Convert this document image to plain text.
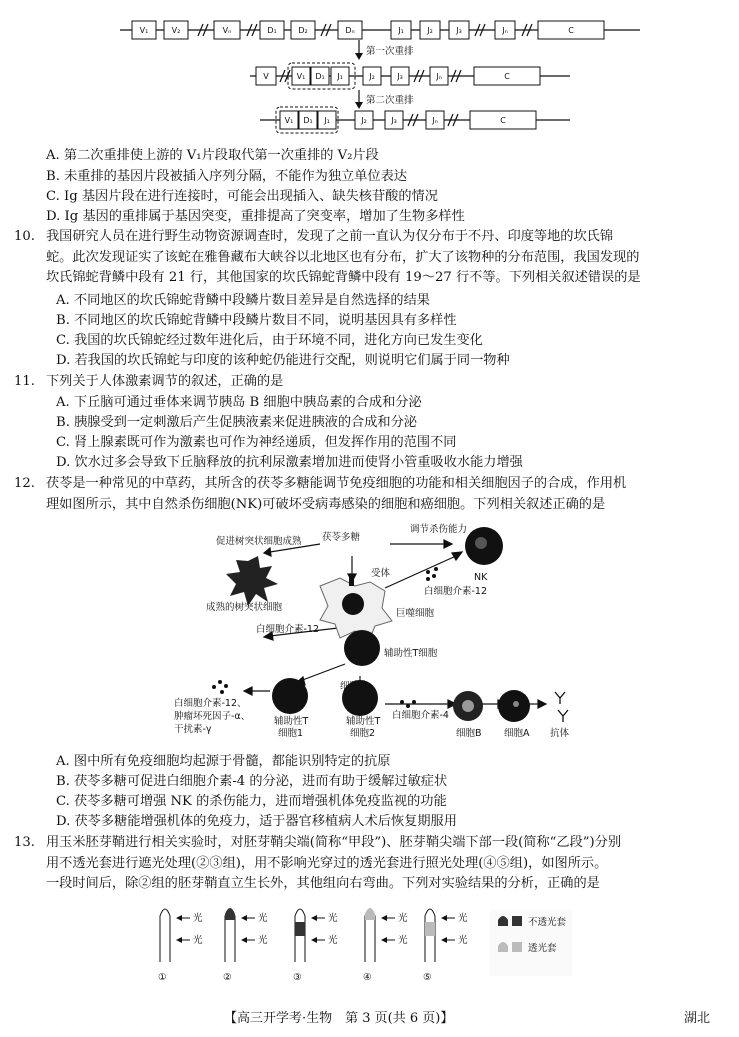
V₁	V₂	Vₙ	D₁	D₂	Dₙ	J₁	J₂	J₃	Jₙ	C
第一次重排
V	V₁ D₁ J₁	J₂	J₃	Jₙ	C
第二次重排
V₁ D₁ J₁	J₂	J₃	Jₙ	C
A. 第二次重排使上游的 V₁片段取代第一次重排的 V₂片段
B. 未重排的基因片段被插入序列分隔，不能作为独立单位表达
C. Ig 基因片段在进行连接时，可能会出现插入、缺失核苷酸的情况
D. Ig 基因的重排属于基因突变，重排提高了突变率，增加了生物多样性
10. 我国研究人员在进行野生动物资源调查时，发现了之前一直认为仅分布于不丹、印度等地的坎氏锦
蛇。此次发现证实了该蛇在雅鲁藏布大峡谷以北地区也有分布，扩大了该物种的分布范围，我国发现的
坎氏锦蛇背鳞中段有 21 行，其他国家的坎氏锦蛇背鳞中段有 19～27 行不等。下列相关叙述错误的是
A. 不同地区的坎氏锦蛇背鳞中段鳞片数目差异是自然选择的结果
B. 不同地区的坎氏锦蛇背鳞中段鳞片数目不同，说明基因具有多样性
C. 我国的坎氏锦蛇经过数年进化后，由于环境不同，进化方向已发生变化
D. 若我国的坎氏锦蛇与印度的该种蛇仍能进行交配，则说明它们属于同一物种
11. 下列关于人体激素调节的叙述，正确的是
A. 下丘脑可通过垂体来调节胰岛 B 细胞中胰岛素的合成和分泌
B. 胰腺受到一定刺激后产生促胰液素来促进胰液的合成和分泌
C. 肾上腺素既可作为激素也可作为神经递质，但发挥作用的范围不同
D. 饮水过多会导致下丘脑释放的抗利尿激素增加进而使肾小管重吸收水能力增强
12. 茯苓是一种常见的中草药，其所含的茯苓多糖能调节免疫细胞的功能和相关细胞因子的合成，作用机
理如图所示，其中自然杀伤细胞(NK)可破坏受病毒感染的细胞和癌细胞。下列相关叙述正确的是
促进树突状细胞成熟 茯苓多糖
调节杀伤能力
NK
受体
白细胞介素-12
成熟的树突状细胞
巨噬细胞
白细胞介素-12
辅助性T细胞
白细胞介素-12、
肿瘤坏死因子-α、
干扰素-γ
辅助性T
细胞1
辅助性T
细胞2
细胞C
白细胞介素-4
细胞B 细胞A 抗体
A. 图中所有免疫细胞均起源于骨髓，都能识别特定的抗原
B. 茯苓多糖可促进白细胞介素-4 的分泌，进而有助于缓解过敏症状
C. 茯苓多糖可增强 NK 的杀伤能力，进而增强机体免疫监视的功能
D. 茯苓多糖能增强机体的免疫力，适于器官移植病人术后恢复期服用
13. 用玉米胚芽鞘进行相关实验时，对胚芽鞘尖端(简称“甲段”)、胚芽鞘尖端下部一段(简称“乙段”)分别
用不透光套进行遮光处理(②③组)，用不影响光穿过的透光套进行照光处理(④⑤组)，如图所示。
一段时间后，除②组的胚芽鞘直立生长外，其他组向右弯曲。下列对实验结果的分析，正确的是
光
光
①
光
光
②
光
光
③
光
光
④
光
光
⑤
不透光套
透光套
【高三开学考·生物　第 3 页(共 6 页)】	湖北
